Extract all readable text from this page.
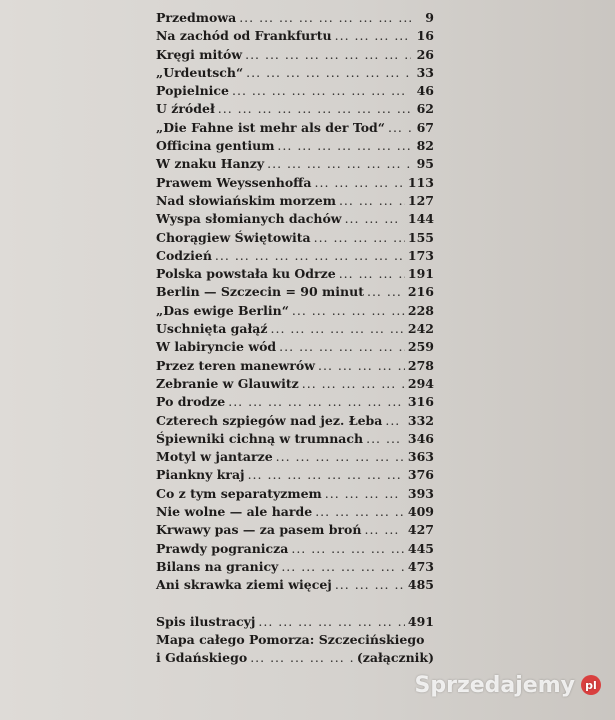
Przedmowa ... .	9
Na zachód od Frankfurtu ... .	16
Kręgi mitów ... .	26
„Urdeutsch“ ... .	33
Popielnice ... .	46
U źródeł ... .	62
„Die Fahne ist mehr als der Tod“ ... .	67
Officina gentium ... .	82
W znaku Hanzy ... .	95
Prawem Weyssenhoffa ... .	113
Nad słowiańskim morzem ... .	127
Wyspa słomianych dachów ... .	144
Chorągiew Świętowita ... .	155
Codzień ... .	173
Polska powstała ku Odrze ... .	191
Berlin — Szczecin = 90 minut ... .	216
„Das ewige Berlin“ ... .	228
Uschnięta gałąź ... .	242
W labiryncie wód ... .	259
Przez teren manewrów ... .	278
Zebranie w Glauwitz ... .	294
Po drodze ... .	316
Czterech szpiegów nad jez. Łeba ... . 332
Śpiewniki cichną w trumnach ... .	346
Motyl w jantarze ... .	363
Piankny kraj ... .	376
Co z tym separatyzmem ... .	393
Nie wolne — ale harde ... .	409
Krwawy pas — za pasem broń ... .	427
Prawdy pogranicza ... .	445
Bilans na granicy ... .	473
Ani skrawka ziemi więcej ... .	485
Spis ilustracyj ... .	491
Mapa całego Pomorza: Szczecińskiego
i Gdańskiego ... .	(załącznik)
Sprzedajemy pl
